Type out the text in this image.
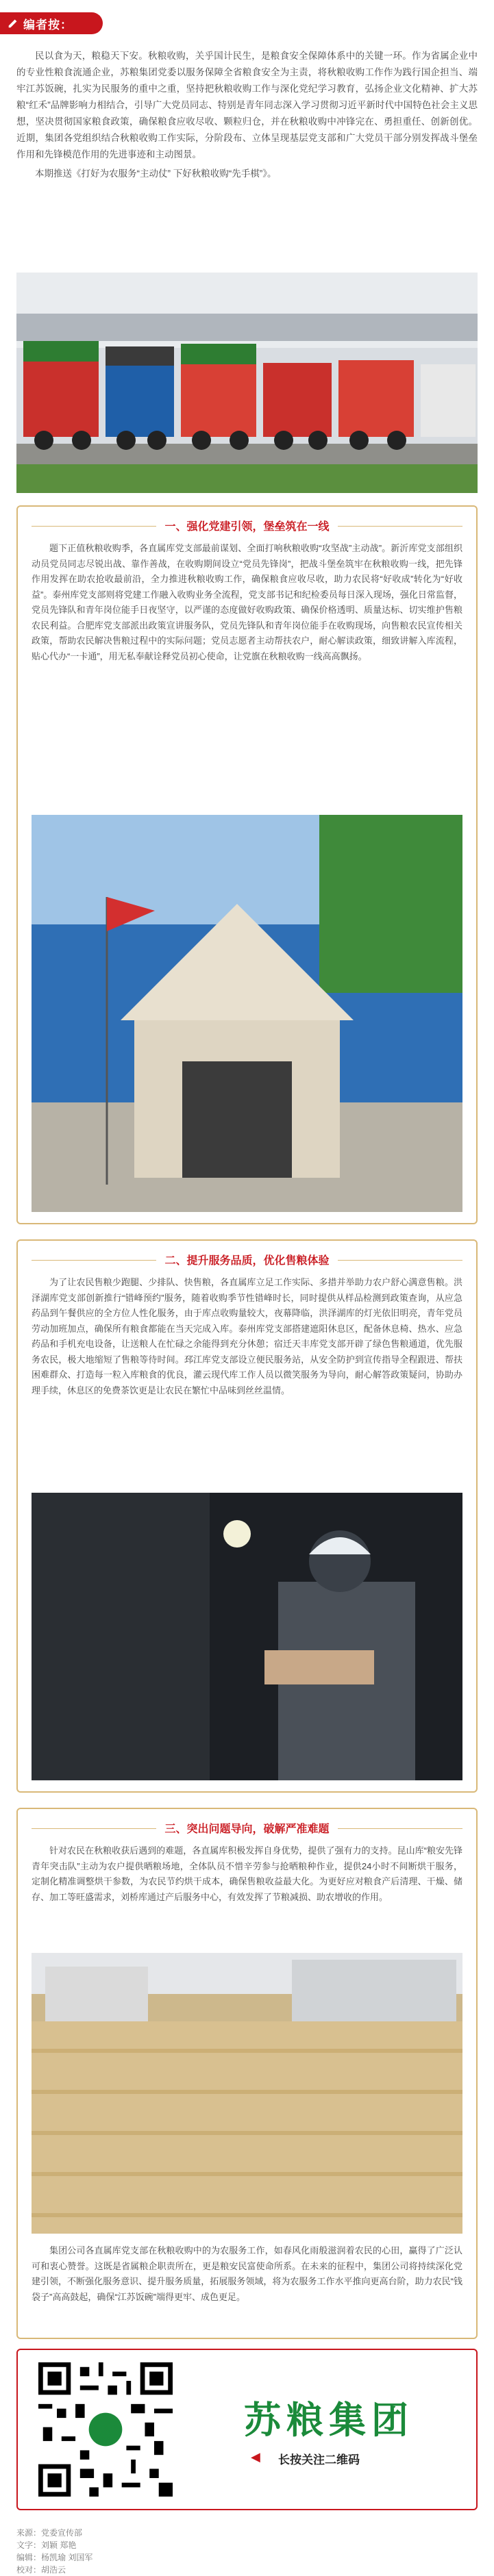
编者按：

民以食为天，粮稳天下安。秋粮收购，关乎国计民生，是粮食安全保障体系中的关键一环。作为省属企业中的专业性粮食流通企业，苏粮集团党委以服务保障全省粮食安全为主责，将秋粮收购工作作为践行国企担当、端牢江苏饭碗，扎实为民服务的重中之重，坚持把秋粮收购工作与深化党纪学习教育，弘扬企业文化精神、扩大苏粮“红禾”品牌影响力相结合，引导广大党员同志、特别是青年同志深入学习贯彻习近平新时代中国特色社会主义思想，坚决贯彻国家粮食政策，确保粮食应收尽收、颗粒归仓，并在秋粮收购中冲锋完在、勇担重任、创新创优。近期，集团各党组织结合秋粮收购工作实际，分阶段布、立体呈现基层党支部和广大党员干部分别发挥战斗堡垒作用和先锋模范作用的先进事迹和主动图景。

本期推送《打好为农服务“主动仗” 下好秋粮收购“先手棋”》。

一、强化党建引领，堡垒筑在一线

题下正值秋粮收购季，各直属库党支部最前谋划、全面打响秋粮收购“攻坚战”主动战”。新沂库党支部组织动员党员同志尽锐出战、靠作善战，在收购期间设立“党员先锋岗”，把战斗堡垒筑牢在秋粮收购一线，把先锋作用发挥在助农抢收最前沿，全力推进秋粮收购工作，确保粮食应收尽收，助力农民将“好收成”转化为“好收益”。泰州库党支部则将党建工作融入收购业务全流程，党支部书记和纪检委员每日深入现场，强化日常监督，党员先锋队和青年岗位能手日夜坚守，以严谨的态度做好收购政策、确保价格透明、质量达标、切实维护售粮农民利益。合肥库党支部派出政策宣讲服务队，党员先锋队和青年岗位能手在收购现场，向售粮农民宣传相关政策，帮助农民解决售粮过程中的实际问题；党员志愿者主动帮扶农户，耐心解读政策，细致讲解入库流程，贴心代办“一卡通”，用无私奉献诠释党员初心使命，让党旗在秋粮收购一线高高飘扬。

二、提升服务品质，优化售粮体验

为了让农民售粮少跑腿、少排队、快售粮，各直属库立足工作实际、多措并举助力农户舒心满意售粮。洪泽湖库党支部创新推行“错峰预约”服务，随着收购季节性错峰时长，同时提供从样品检测到政策查询，从应急药品到午餐供应的全方位人性化服务，由于库点收购量较大，夜幕降临，洪泽湖库的灯光依旧明亮，青年党员劳动加班加点，确保所有粮食都能在当天完成入库。泰州库党支部搭建遮阳休息区，配备休息椅、热水、应急药品和手机充电设备，让送粮人在忙碌之余能得到充分休憩；宿迁天丰库党支部开辟了绿色售粮通道，优先服务农民，极大地缩短了售粮等待时间。邳江库党支部设立便民服务站，从安全防护到宣传指导全程跟进、帮扶困难群众、打造每一粒入库粮食的优良，灌云现代库工作人员以微笑服务为导向，耐心解答政策疑问，协助办理手续，休息区的免费茶饮更是让农民在繁忙中品味到丝丝温情。

三、突出问题导向，破解严准难题

针对农民在秋粮收获后遇到的难题，各直属库积极发挥自身优势，提供了强有力的支持。昆山库“粮安先锋青年突击队”主动为农户提供晒粮场地，全体队员不惜辛劳参与抢晒粮种作业，提供24小时不间断烘干服务，定制化精准调整烘干参数，为农民节约烘干成本，确保售粮收益最大化。为更好应对粮食产后清理、干燥、储存、加工等旺盛需求，刘桥库通过产后服务中心，有效发挥了节粮减损、助农增收的作用。

集团公司各直属库党支部在秋粮收购中的为农服务工作，如春风化雨般滋润着农民的心田，赢得了广泛认可和衷心赞誉。这既是省属粮企职责所在，更是粮安民富使命所系。在未来的征程中，集团公司将持续深化党建引领，不断强化服务意识、提升服务质量，拓展服务领域，将为农服务工作水平推向更高台阶，助力农民“钱袋子”高高鼓起，确保“江苏饭碗”端得更牢、成色更足。

苏粮集团
◀ 长按关注二维码
来源：党委宣传部
文字：刘颖 郑艳
编辑：杨凯瑜 刘国军
校对：胡浩云
